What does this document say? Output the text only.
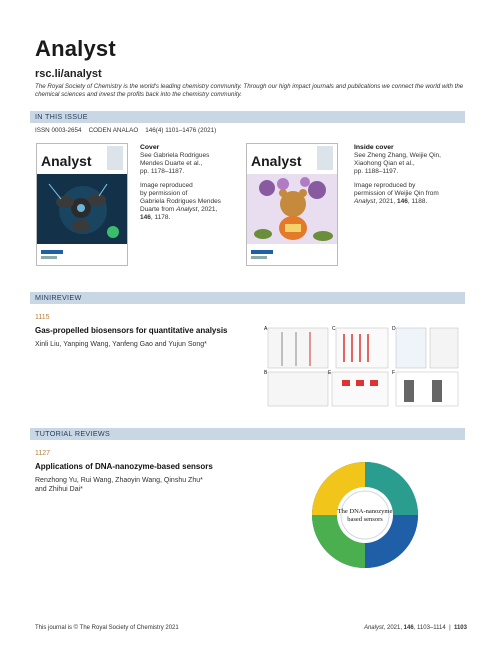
Analyst
rsc.li/analyst
The Royal Society of Chemistry is the world's leading chemistry community. Through our high impact journals and publications we connect the world with the chemical sciences and invest the profits back into the chemistry community.
IN THIS ISSUE
ISSN 0003-2654 CODEN ANALAO 146(4) 1101–1476 (2021)
Analyst
Cover
See Gabriela Rodrigues
Mendes Duarte et al.,
pp. 1178–1187.

Image reproduced
by permission of
Gabriela Rodrigues Mendes
Duarte from Analyst, 2021,
146, 1178.
Analyst
Inside cover
See Zheng Zhang, Weijie Qin,
Xiaohong Qian et al.,
pp. 1188–1197.

Image reproduced by
permission of Weijie Qin from
Analyst, 2021, 146, 1188.
MINIREVIEW
1115
Gas-propelled biosensors for quantitative analysis
Xinli Liu, Yanping Wang, Yanfeng Gao and Yujun Song*
A	C	D
B	F
E
TUTORIAL REVIEWS
1127
Applications of DNA-nanozyme-based sensors
Renzhong Yu, Rui Wang, Zhaoyin Wang, Qinshu Zhu*
and Zhihui Dai*
The DNA-nanozyme
based sensors
This journal is © The Royal Society of Chemistry 2021	Analyst, 2021, 146, 1103–1114 | 1103
